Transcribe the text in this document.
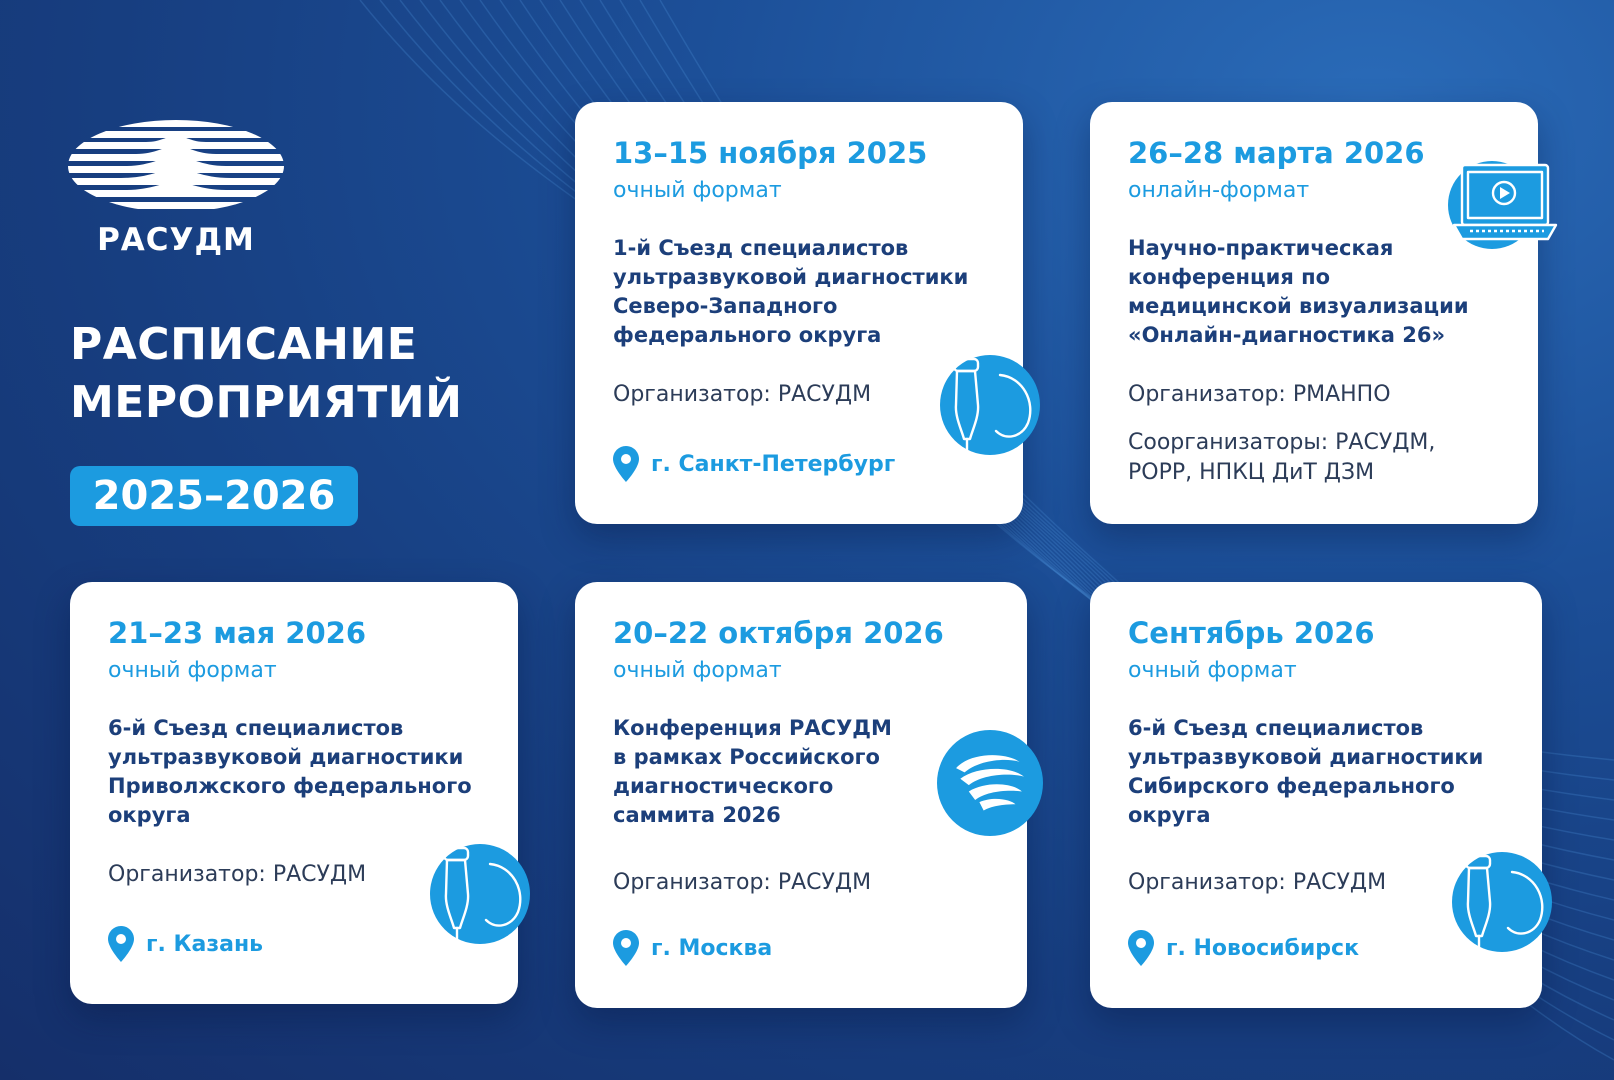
РАСУДМ
РАСПИСАНИЕ
МЕРОПРИЯТИЙ
2025–2026
13–15 ноября 2025
очный формат
1-й Съезд специалистов
ультразвуковой диагностики
Северо-Западного
федерального округа
Организатор: РАСУДМ
г. Санкт-Петербург
26–28 марта 2026
онлайн-формат
Научно-практическая
конференция по
медицинской визуализации
«Онлайн-диагностика 26»
Организатор: РМАНПО
Соорганизаторы: РАСУДМ,
РОРР, НПКЦ ДиТ ДЗМ
21–23 мая 2026
очный формат
6-й Съезд специалистов
ультразвуковой диагностики
Приволжского федерального
округа
Организатор: РАСУДМ
г. Казань
20–22 октября 2026
очный формат
Конференция РАСУДМ
в рамках Российского
диагностического
саммита 2026
Организатор: РАСУДМ
г. Москва
Сентябрь 2026
очный формат
6-й Съезд специалистов
ультразвуковой диагностики
Сибирского федерального
округа
Организатор: РАСУДМ
г. Новосибирск
